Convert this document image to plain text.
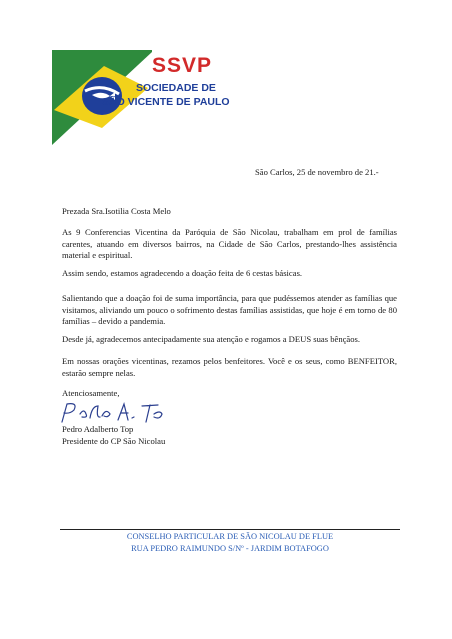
SSVP
SOCIEDADE DE
SÃO VICENTE DE PAULO
São Carlos, 25 de novembro de 21.-
Prezada Sra.Isotilia Costa Melo
As 9 Conferencias Vicentina da Paróquia de São Nicolau, trabalham em prol de famílias carentes, atuando em diversos bairros, na Cidade de São Carlos, prestando-lhes assistência material e espiritual.
Assim sendo, estamos agradecendo a doação feita de 6 cestas básicas.
Salientando que a doação foi de suma importância, para que pudéssemos atender as famílias que visitamos, aliviando um pouco o sofrimento destas famílias assistidas, que hoje é em torno de 80 famílias – devido a pandemia.
Desde já, agradecemos antecipadamente sua atenção e rogamos a DEUS suas bênçãos.
Em nossas orações vicentinas, rezamos pelos benfeitores. Você e os seus, como BENFEITOR, estarão sempre nelas.
Atenciosamente,
Pedro Adalberto Top
Presidente do CP São Nicolau
CONSELHO PARTICULAR DE SÃO NICOLAU DE FLUE
RUA PEDRO RAIMUNDO S/Nº - JARDIM BOTAFOGO
